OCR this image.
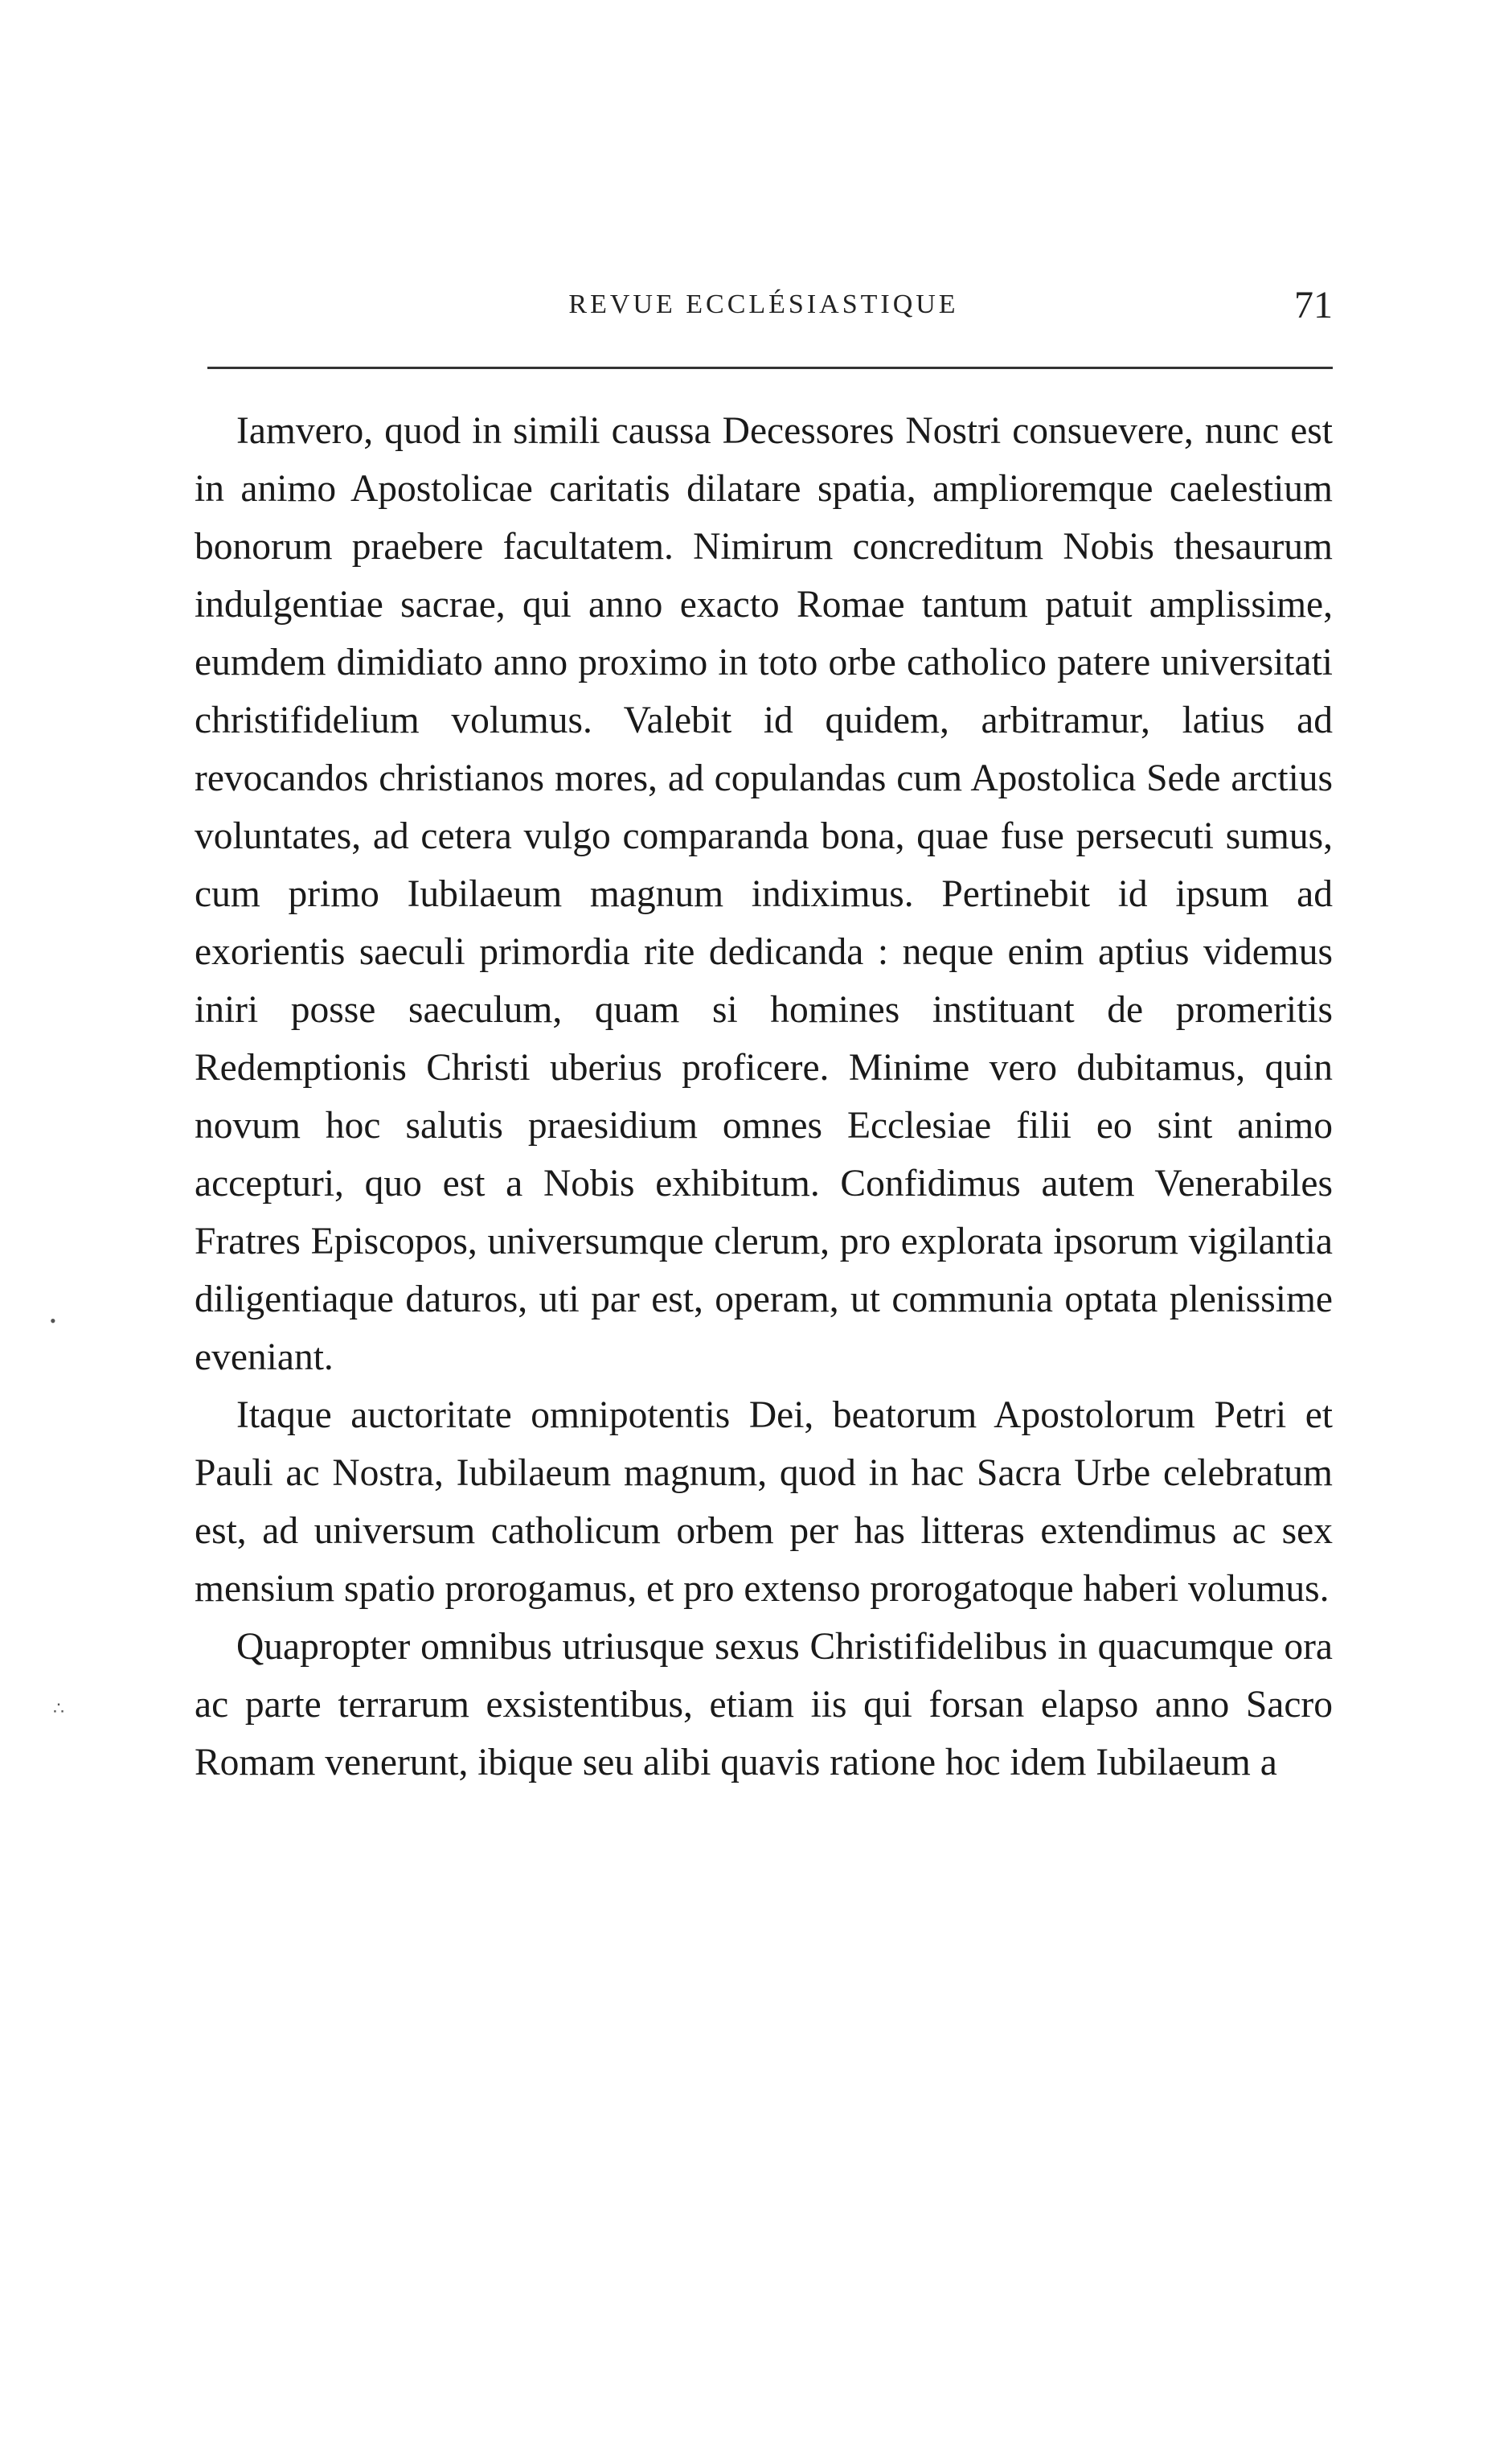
REVUE ECCLÉSIASTIQUE	71
•
∴

Iamvero, quod in simili caussa Decessores Nostri consuevere, nunc est in animo Apostolicae caritatis dilatare spatia, ampliоremque caelestium bonorum praebere facultatem. Nimirum concreditum Nobis thesaurum indulgentiae sacrae, qui anno exacto Romae tantum patuit amplissime, eumdem dimidiato anno proximo in toto orbe catholico patere universitati christifidelium volumus. Valebit id quidem, arbitramur, latius ad revocandos christianos mores, ad copulandas cum Apostolica Sede arctius voluntates, ad cetera vulgo comparanda bona, quae fuse persecuti sumus, cum primo Iubilaeum magnum indiximus. Pertinebit id ipsum ad exorientis saeculi primordia rite dedicanda : neque enim aptius videmus iniri posse saeculum, quam si homines instituant de promeritis Redemptionis Christi uberius proficere. Minime vero dubitamus, quin novum hoc salutis praesidium omnes Ecclesiae filii eo sint animo accepturi, quo est a Nobis exhibitum. Confidimus autem Venerabiles Fratres Episcopos, universumque clerum, pro explorata ipsorum vigilantia diligentiaque daturos, uti par est, operam, ut communia optata plenissime eveniant.

Itaque auctoritate omnipotentis Dei, beatorum Apostolorum Petri et Pauli ac Nostra, Iubilaeum magnum, quod in hac Sacra Urbe celebratum est, ad universum catholicum orbem per has litteras extendimus ac sex mensium spatio prorogamus, et pro extenso prorogatoque haberi volumus.

Quapropter omnibus utriusque sexus Christifidelibus in quacumque ora ac parte terrarum exsistentibus, etiam iis qui forsan elapso anno Sacro Romam venerunt, ibique seu alibi quavis ratione hoc idem Iubilaeum a
